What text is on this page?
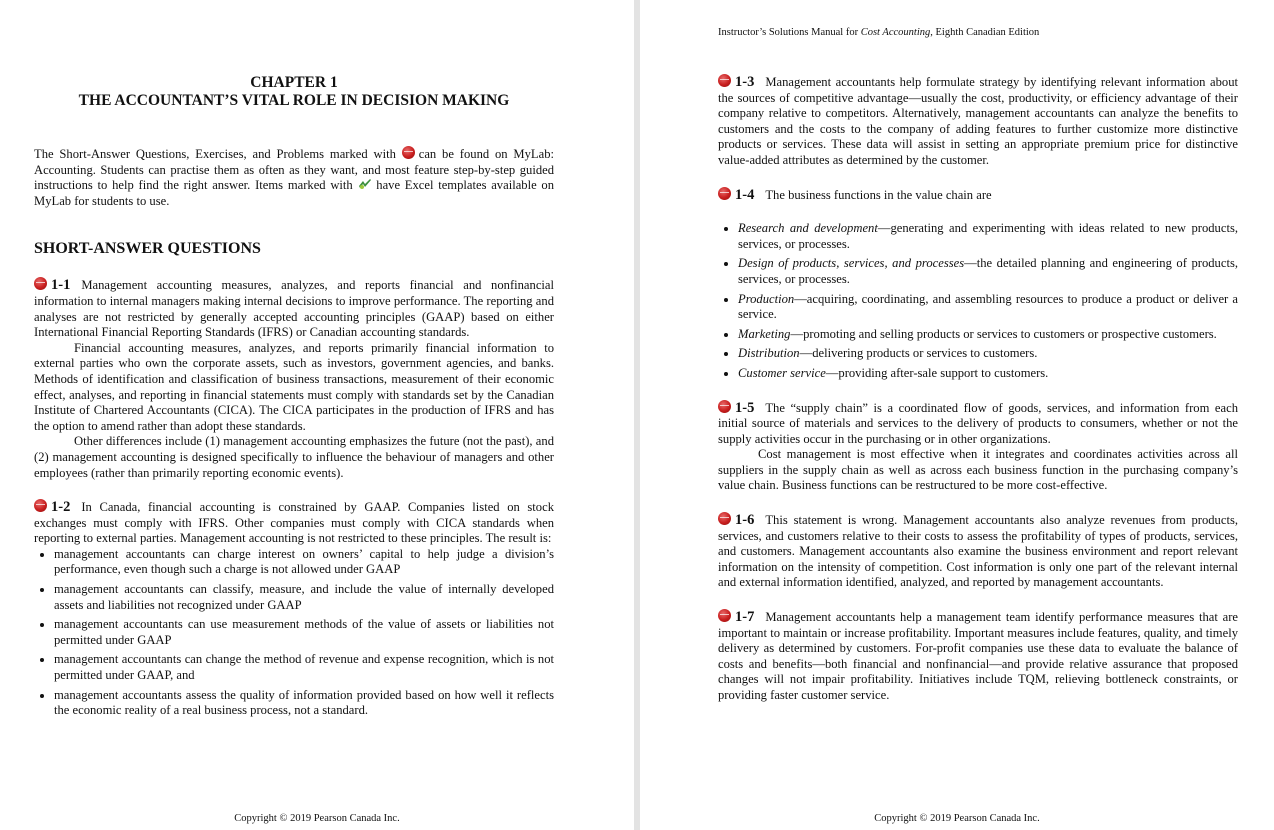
CHAPTER 1
THE ACCOUNTANT’S VITAL ROLE IN DECISION MAKING

The Short-Answer Questions, Exercises, and Problems marked with can be found on MyLab: Accounting. Students can practise them as often as they want, and most feature step-by-step guided instructions to help find the right answer. Items marked with have Excel templates available on MyLab for students to use.

SHORT-ANSWER QUESTIONS

1-1 Management accounting measures, analyzes, and reports financial and nonfinancial information to internal managers making internal decisions to improve performance. The reporting and analyses are not restricted by generally accepted accounting principles (GAAP) based on either International Financial Reporting Standards (IFRS) or Canadian accounting standards.

Financial accounting measures, analyzes, and reports primarily financial information to external parties who own the corporate assets, such as investors, government agencies, and banks. Methods of identification and classification of business transactions, measurement of their economic effect, analyses, and reporting in financial statements must comply with standards set by the Canadian Institute of Chartered Accountants (CICA). The CICA participates in the production of IFRS and has the option to amend rather than adopt these standards.

Other differences include (1) management accounting emphasizes the future (not the past), and (2) management accounting is designed specifically to influence the behaviour of managers and other employees (rather than primarily reporting economic events).

1-2 In Canada, financial accounting is constrained by GAAP. Companies listed on stock exchanges must comply with IFRS. Other companies must comply with CICA standards when reporting to external parties. Management accounting is not restricted to these principles. The result is:

• management accountants can charge interest on owners’ capital to help judge a division’s performance, even though such a charge is not allowed under GAAP
• management accountants can classify, measure, and include the value of internally developed assets and liabilities not recognized under GAAP
• management accountants can use measurement methods of the value of assets or liabilities not permitted under GAAP
• management accountants can change the method of revenue and expense recognition, which is not permitted under GAAP, and
• management accountants assess the quality of information provided based on how well it reflects the economic reality of a real business process, not a standard.
Copyright © 2019 Pearson Canada Inc.
Instructor’s Solutions Manual for Cost Accounting, Eighth Canadian Edition

1-3 Management accountants help formulate strategy by identifying relevant information about the sources of competitive advantage—usually the cost, productivity, or efficiency advantage of their company relative to competitors. Alternatively, management accountants can analyze the benefits to customers and the costs to the company of adding features to further customize more distinctive products or services. These data will assist in setting an appropriate premium price for distinctive value-added attributes as determined by the customer.

1-4 The business functions in the value chain are

• Research and development—generating and experimenting with ideas related to new products, services, or processes.
• Design of products, services, and processes—the detailed planning and engineering of products, services, or processes.
• Production—acquiring, coordinating, and assembling resources to produce a product or deliver a service.
• Marketing—promoting and selling products or services to customers or prospective customers.
• Distribution—delivering products or services to customers.
• Customer service—providing after-sale support to customers.

1-5 The “supply chain” is a coordinated flow of goods, services, and information from each initial source of materials and services to the delivery of products to consumers, whether or not the supply activities occur in the purchasing or in other organizations.

Cost management is most effective when it integrates and coordinates activities across all suppliers in the supply chain as well as across each business function in the purchasing company’s value chain. Business functions can be restructured to be more cost-effective.

1-6 This statement is wrong. Management accountants also analyze revenues from products, services, and customers relative to their costs to assess the profitability of types of products, services, and customers. Management accountants also examine the business environment and report relevant information on the intensity of competition. Cost information is only one part of the relevant internal and external information identified, analyzed, and reported by management accountants.

1-7 Management accountants help a management team identify performance measures that are important to maintain or increase profitability. Important measures include features, quality, and timely delivery as determined by customers. For-profit companies use these data to evaluate the balance of costs and benefits—both financial and nonfinancial—and provide relative assurance that proposed changes will not impair profitability. Initiatives include TQM, relieving bottleneck constraints, or providing faster customer service.

Copyright © 2019 Pearson Canada Inc.
